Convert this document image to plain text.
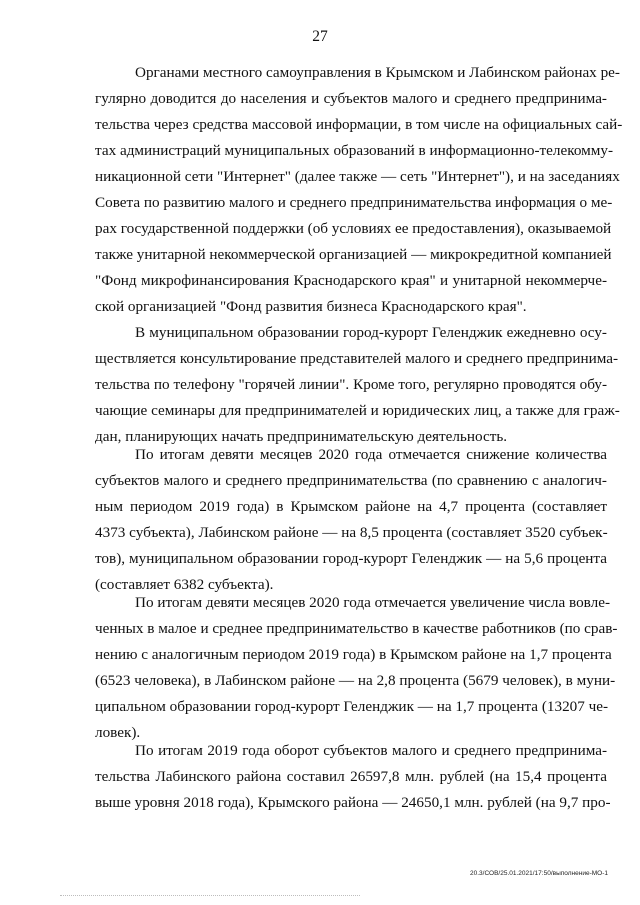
27

Органами местного самоуправления в Крымском и Лабинском районах ре-
гулярно доводится до населения и субъектов малого и среднего предпринима-
тельства через средства массовой информации, в том числе на официальных сай-
тах администраций муниципальных образований в информационно-телекомму-
никационной сети "Интернет" (далее также — сеть "Интернет"), и на заседаниях
Совета по развитию малого и среднего предпринимательства информация о ме-
рах государственной поддержки (об условиях ее предоставления), оказываемой
также унитарной некоммерческой организацией — микрокредитной компанией
"Фонд микрофинансирования Краснодарского края" и унитарной некоммерче-
ской организацией "Фонд развития бизнеса Краснодарского края".

В муниципальном образовании город-курорт Геленджик ежедневно осу-
ществляется консультирование представителей малого и среднего предпринима-
тельства по телефону "горячей линии". Кроме того, регулярно проводятся обу-
чающие семинары для предпринимателей и юридических лиц, а также для граж-
дан, планирующих начать предпринимательскую деятельность.

По итогам девяти месяцев 2020 года отмечается снижение количества
субъектов малого и среднего предпринимательства (по сравнению с аналогич-
ным периодом 2019 года) в Крымском районе на 4,7 процента (составляет
4373 субъекта), Лабинском районе — на 8,5 процента (составляет 3520 субъек-
тов), муниципальном образовании город-курорт Геленджик — на 5,6 процента
(составляет 6382 субъекта).

По итогам девяти месяцев 2020 года отмечается увеличение числа вовле-
ченных в малое и среднее предпринимательство в качестве работников (по срав-
нению с аналогичным периодом 2019 года) в Крымском районе на 1,7 процента
(6523 человека), в Лабинском районе — на 2,8 процента (5679 человек), в муни-
ципальном образовании город-курорт Геленджик — на 1,7 процента (13207 че-
ловек).

По итогам 2019 года оборот субъектов малого и среднего предпринима-
тельства Лабинского района составил 26597,8 млн. рублей (на 15,4 процента
выше уровня 2018 года), Крымского района — 24650,1 млн. рублей (на 9,7 про-

20.3/СОВ/25.01.2021/17:50/выполнение-МО-1
